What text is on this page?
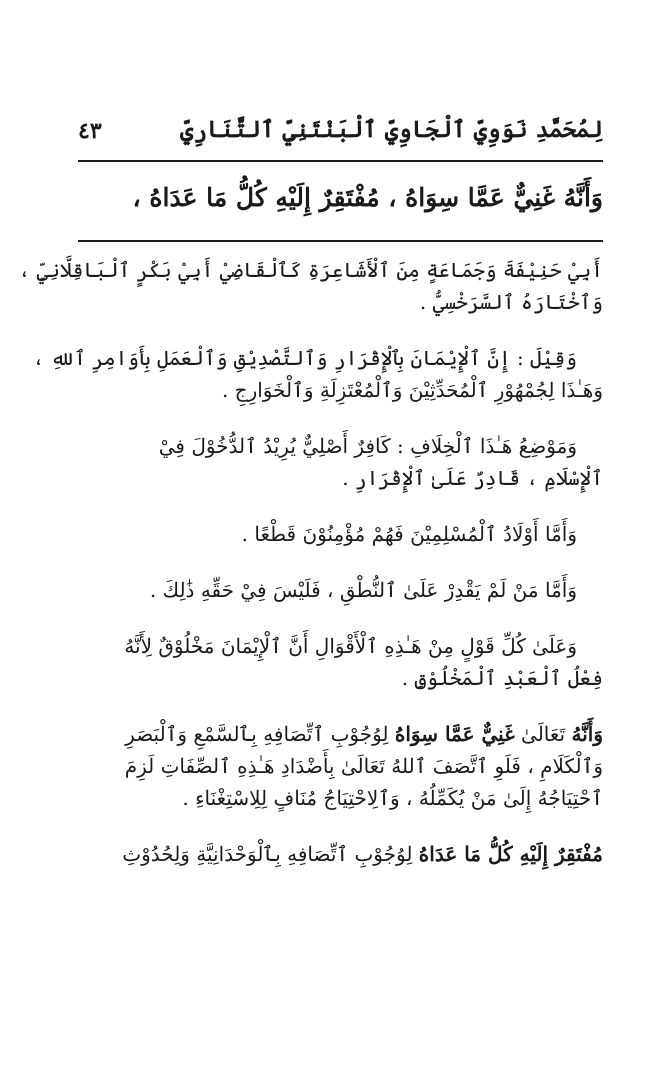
لِمُحَمَّدِ نَوَوِيِّ ٱلْجَاوِيِّ ٱلْبَنْتَنِيِّ ٱلتَّنَارِيِّ
٤٣
وَأَنَّهُ غَنِيٌّ عَمَّا سِوَاهُ ، مُفْتَقِرٌ إِلَيْهِ كُلُّ مَا عَدَاهُ ،
أَبِيْ حَنِيْفَةَ وَجَمَاعَةٍ مِنَ ٱلْأَشَاعِرَةِ كَٱلْقَاضِيْ أَبِيْ بَكْرٍ ٱلْبَاقِلَّانِيِّ ،
وَٱخْتَارَهُ ٱلسَّرَخْسِيُّ .
وَقِيْلَ : إِنَّ ٱلْإِيْمَانَ بِٱلْإِقْرَارِ وَٱلتَّصْدِيْقِ وَٱلْعَمَلِ بِأَوَامِرِ ٱللهِ ،
وَهَـٰذَا لِجُمْهُوْرِ ٱلْمُحَدِّثِيْنَ وَٱلْمُعْتَزِلَةِ وَٱلْخَوَارِجِ .
وَمَوْضِعُ هَـٰذَا ٱلْخِلَافِ : كَافِرٌ أَصْلِيٌّ يُرِيْدُ ٱلدُّخُوْلَ فِيْ
ٱلْإِسْلَامِ ، قَادِرٌ عَلَىٰ ٱلْإِقْرَارِ .
وَأَمَّا أَوْلَادُ ٱلْمُسْلِمِيْنَ فَهُمْ مُؤْمِنُوْنَ قَطْعًا .
وَأَمَّا مَنْ لَمْ يَقْدِرْ عَلَىٰ ٱلنُّطْقِ ، فَلَيْسَ فِيْ حَقِّهِ ذَٰلِكَ .
وَعَلَىٰ كُلِّ قَوْلٍ مِنْ هَـٰذِهِ ٱلْأَقْوَالِ أَنَّ ٱلْإِيْمَانَ مَخْلُوْقٌ لِأَنَّهُ
فِعْلُ ٱلْعَبْدِ ٱلْمَخْلُوْقِ .
وَأَنَّهُ تَعَالَىٰ غَنِيٌّ عَمَّا سِوَاهُ لِوُجُوْبِ ٱتِّصَافِهِ بِٱلسَّمْعِ وَٱلْبَصَرِ
وَٱلْكَلَامِ ، فَلَوِ ٱتَّصَفَ ٱللهُ تَعَالَىٰ بِأَضْدَادِ هَـٰذِهِ ٱلصِّفَاتِ لَزِمَ
ٱحْتِيَاجُهُ إِلَىٰ مَنْ يُكَمِّلُهُ ، وَٱلِاحْتِيَاجُ مُنَافٍ لِلِاسْتِغْنَاءِ .
مُفْتَقِرٌ إِلَيْهِ كُلُّ مَا عَدَاهُ لِوُجُوْبِ ٱتِّصَافِهِ بِٱلْوَحْدَانِيَّةِ وَلِحُدُوْثِ
